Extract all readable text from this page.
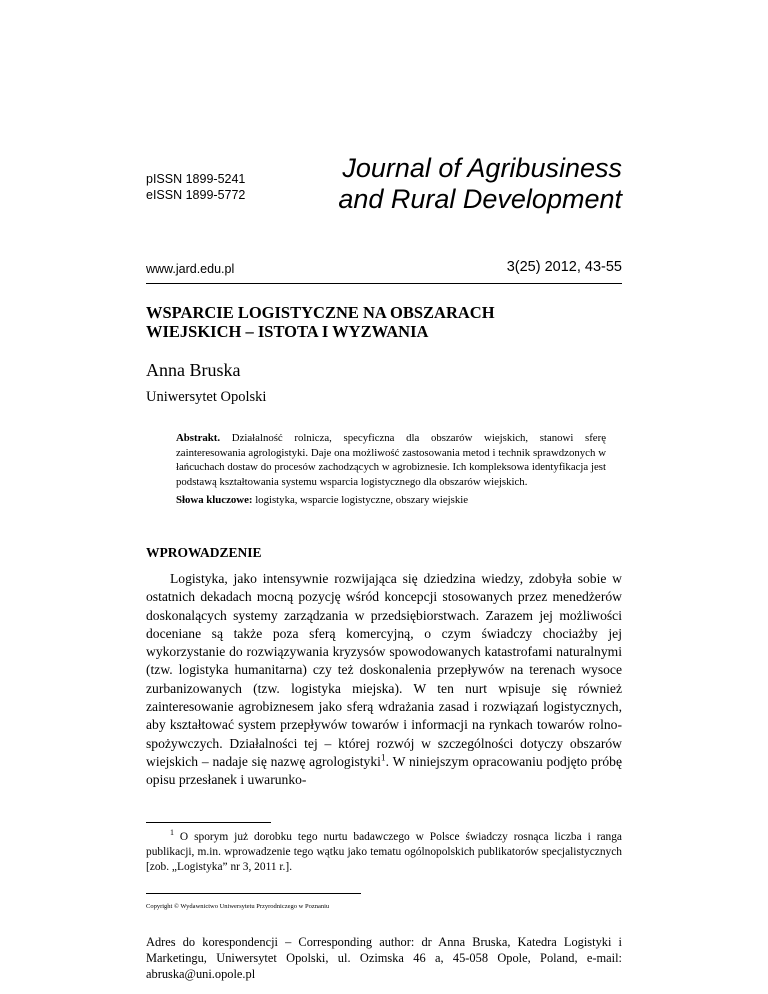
pISSN 1899-5241
eISSN 1899-5772
Journal of Agribusiness
and Rural Development
www.jard.edu.pl	3(25) 2012, 43-55
WSPARCIE LOGISTYCZNE NA OBSZARACH
WIEJSKICH – ISTOTA I WYZWANIA
Anna Bruska
Uniwersytet Opolski
Abstrakt. Działalność rolnicza, specyficzna dla obszarów wiejskich, stanowi sferę zainteresowania agrologistyki. Daje ona możliwość zastosowania metod i technik sprawdzonych w łańcuchach dostaw do procesów zachodzących w agrobiznesie. Ich kompleksowa identyfikacja jest podstawą kształtowania systemu wsparcia logistycznego dla obszarów wiejskich.
Słowa kluczowe: logistyka, wsparcie logistyczne, obszary wiejskie
WPROWADZENIE
Logistyka, jako intensywnie rozwijająca się dziedzina wiedzy, zdobyła sobie w ostatnich dekadach mocną pozycję wśród koncepcji stosowanych przez menedżerów doskonalących systemy zarządzania w przedsiębiorstwach. Zarazem jej możliwości doceniane są także poza sferą komercyjną, o czym świadczy chociażby jej wykorzystanie do rozwiązywania kryzysów spowodowanych katastrofami naturalnymi (tzw. logistyka humanitarna) czy też doskonalenia przepływów na terenach wysoce zurbanizowanych (tzw. logistyka miejska). W ten nurt wpisuje się również zainteresowanie agrobiznesem jako sferą wdrażania zasad i rozwiązań logistycznych, aby kształtować system przepływów towarów i informacji na rynkach towarów rolno-spożywczych. Działalności tej – której rozwój w szczególności dotyczy obszarów wiejskich – nadaje się nazwę agrologistyki$^1$. W niniejszym opracowaniu podjęto próbę opisu przesłanek i uwarunko-
$^1$ O sporym już dorobku tego nurtu badawczego w Polsce świadczy rosnąca liczba i ranga publikacji, m.in. wprowadzenie tego wątku jako tematu ogólnopolskich publikatorów specjalistycznych [zob. „Logistyka” nr 3, 2011 r.].
Copyright © Wydawnictwo Uniwersytetu Przyrodniczego w Poznaniu
Adres do korespondencji – Corresponding author: dr Anna Bruska, Katedra Logistyki i Marketingu, Uniwersytet Opolski, ul. Ozimska 46 a, 45-058 Opole, Poland, e-mail: abruska@uni.opole.pl
